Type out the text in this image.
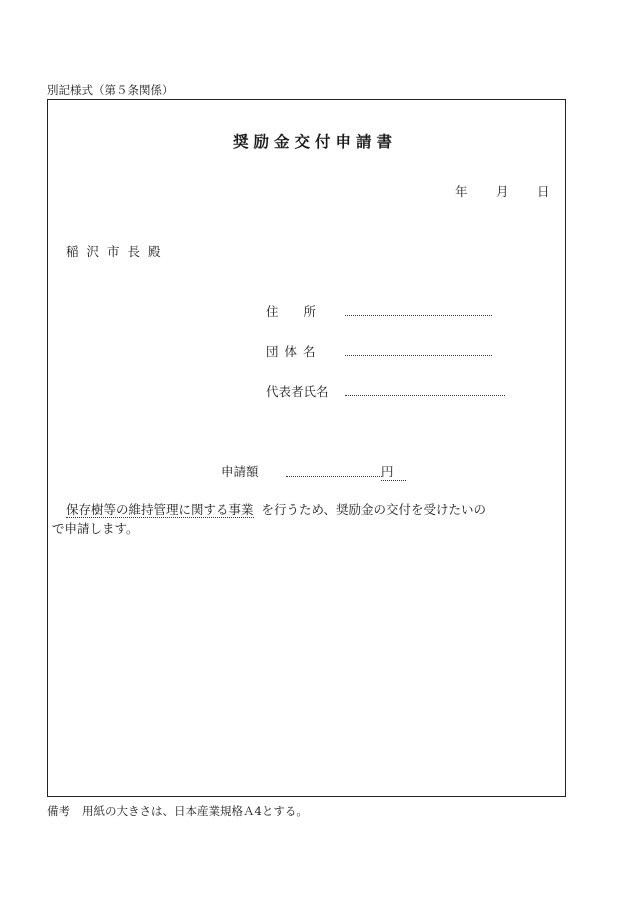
別記様式（第５条関係）
奨励金交付申請書
年 月 日
稲沢市長殿
住　　所
団 体 名
代表者氏名
申請額	円
保存樹等の維持管理に関する事業 を行うため、奨励金の交付を受けたいの
で申請します。
備考 用紙の大きさは、日本産業規格Ａ4とする。
